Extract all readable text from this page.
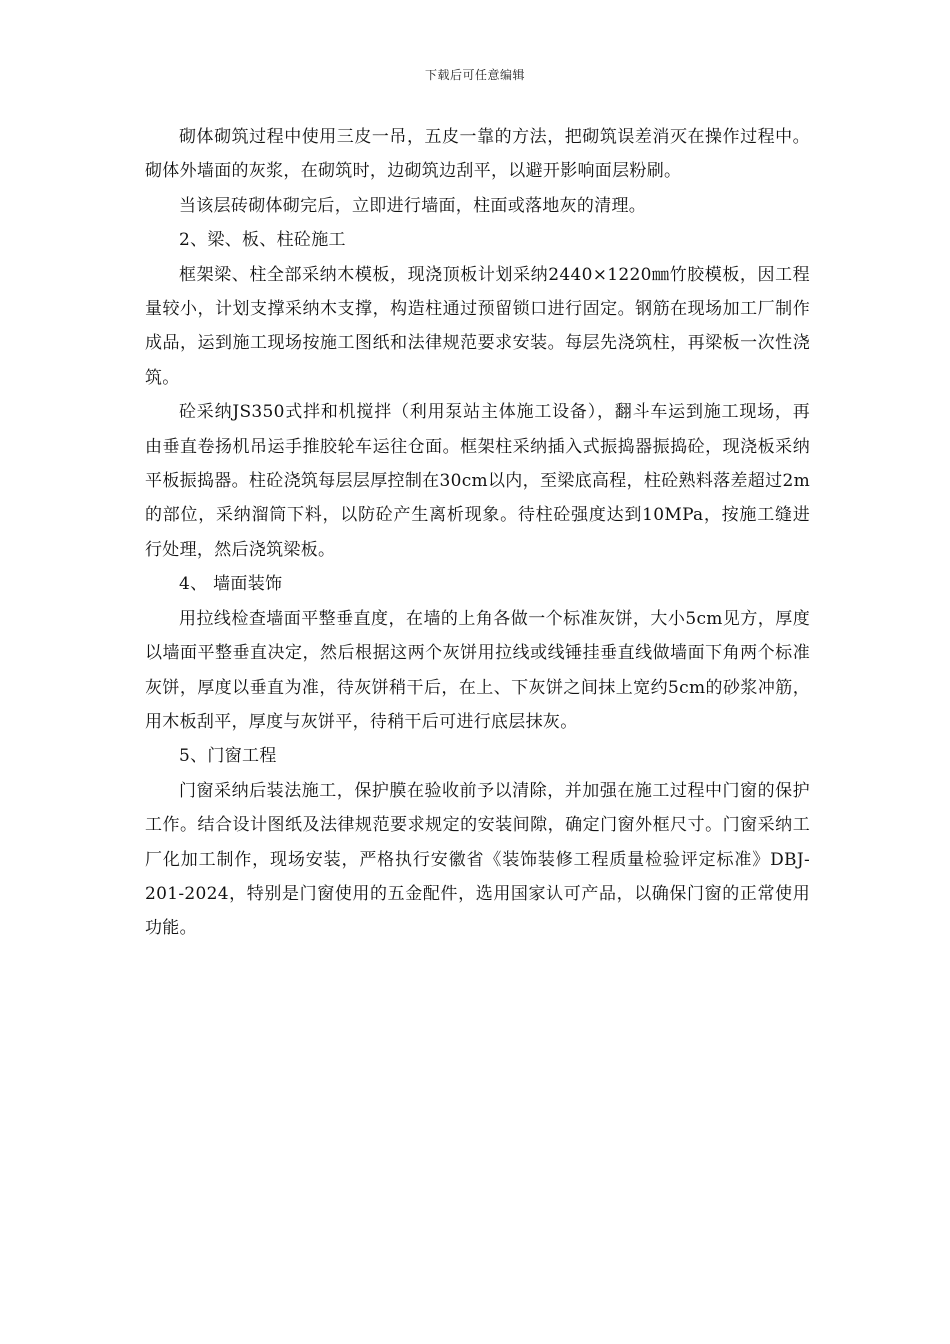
下载后可任意编辑

砌体砌筑过程中使用三皮一吊，五皮一靠的方法，把砌筑误差消灭在操作过程中。砌体外墙面的灰浆，在砌筑时，边砌筑边刮平，以避开影响面层粉刷。

当该层砖砌体砌完后，立即进行墙面，柱面或落地灰的清理。

2、梁、板、柱砼施工

框架梁、柱全部采纳木模板，现浇顶板计划采纳2440×1220㎜竹胶模板，因工程量较小，计划支撑采纳木支撑，构造柱通过预留锁口进行固定。钢筋在现场加工厂制作成品，运到施工现场按施工图纸和法律规范要求安装。每层先浇筑柱，再梁板一次性浇筑。

砼采纳JS350式拌和机搅拌（利用泵站主体施工设备），翻斗车运到施工现场，再由垂直卷扬机吊运手推胶轮车运往仓面。框架柱采纳插入式振捣器振捣砼，现浇板采纳平板振捣器。柱砼浇筑每层层厚控制在30cm以内，至梁底高程，柱砼熟料落差超过2m的部位，采纳溜筒下料，以防砼产生离析现象。待柱砼强度达到10MPa，按施工缝进行处理，然后浇筑梁板。

4、 墙面装饰

用拉线检查墙面平整垂直度，在墙的上角各做一个标准灰饼，大小5cm见方，厚度以墙面平整垂直决定，然后根据这两个灰饼用拉线或线锤挂垂直线做墙面下角两个标准灰饼，厚度以垂直为准，待灰饼稍干后，在上、下灰饼之间抹上宽约5cm的砂浆冲筋，用木板刮平，厚度与灰饼平，待稍干后可进行底层抹灰。

5、门窗工程

门窗采纳后装法施工，保护膜在验收前予以清除，并加强在施工过程中门窗的保护工作。结合设计图纸及法律规范要求规定的安装间隙，确定门窗外框尺寸。门窗采纳工厂化加工制作，现场安装，严格执行安徽省《装饰装修工程质量检验评定标准》DBJ-201-2024，特别是门窗使用的五金配件，选用国家认可产品，以确保门窗的正常使用功能。
